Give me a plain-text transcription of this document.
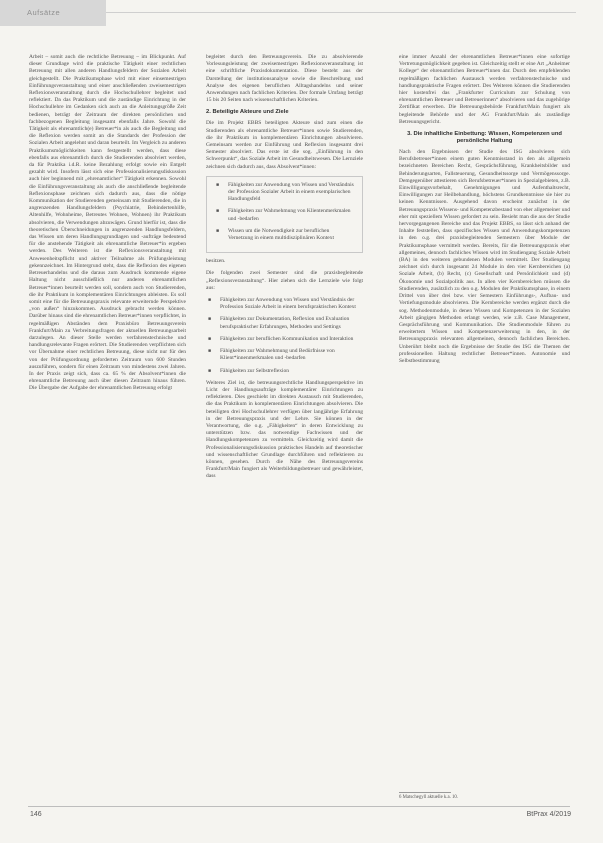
Aufsätze

Arbeit – somit auch die rechtliche Betreuung – im Blickpunkt. Auf dieser Grundlage wird die praktische Tätigkeit einer rechtlichen Betreuung mit allen anderen Handlungsfeldern der Sozialen Arbeit gleichgestellt. Die Praktikumsphase wird mit einer einsemestrigen Einführungsveranstaltung und einer anschließenden zweisemestrigen Reflexionsveranstaltung durch die Hochschullehrer begleitet und reflektiert. Da das Praktikum und die zuständige Einrichtung in der Hochschullehre im Gedanken sich auch an die Anleitungsgröße Zeit bedienen, beträgt der Zeitraum der direkten persönlichen und fachbezogenen Begleitung insgesamt ebenfalls Jahre. Sowohl die Tätigkeit als ehrenamtlich(e) Betreuer*in als auch die Begleitung und die Reflexion werden somit an die Standards der Profession der Sozialen Arbeit angelehnt und daran beurteilt. Im Vergleich zu anderen Praktikumsmöglichkeiten kann festgestellt werden, dass diese ebenfalls aus ehrenamtlich durch die Studierenden absolviert werden, da für Praktika i.d.R. keine Bezahlung erfolgt sowie ein Entgelt gezahlt wird. Insofern lässt sich eine Professionalisierungsdiskussion auch hier beginnend mit „ehrenamtlicher“ Tätigkeit erkennen. Sowohl die Einführungsveranstaltung als auch die anschließende begleitende Reflexionsphase zeichnen sich dadurch aus, dass die nötige Kommunikation der Studierenden gemeinsam mit Studierenden, die in angrenzenden Handlungsfeldern (Psychiatrie, Behindertenhilfe, Altenhilfe, Wohnheime, Betreutes Wohnen, Wohnen) ihr Praktikum absolvieren, die Verwendungen abzuwägen. Grund hierfür ist, dass die theoretischen Überschneidungen in angrenzenden Handlungsfeldern, das Wissen um deren Handlungsgrundlagen und -aufträge bedeutend für die anstehende Tätigkeit als ehrenamtliche Betreuer*in ergeben werden. Des Weiteren ist die Reflexionsveranstaltung mit Anwesenheitspflicht und aktiver Teilnahme als Prüfungsleistung gekennzeichnet. Im Hintergrund steht, dass die Reflexion des eigenen Betreuerhandelns und die daraus zum Ausdruck kommende eigene Haltung nicht ausschließlich nur anderen ehrenamtlichen Betreuer*innen beurteilt werden soll, sondern auch von Studierenden, die ihr Praktikum in komplementären Einrichtungen ableisten. Es soll somit eine für die Betreuungspraxis relevante erweiternde Perspektive „von außen“ hinzukommen. Ausdruck gebracht werden können. Darüber hinaus sind die ehrenamtlichen Betreuer*innen verpflichtet, in regelmäßigen Abständen dem Praxisbüro Betreuungsverein Frankfurt/Main zu Verbreitungsfragen der aktuellen Betreuungsarbeit darzulegen. An dieser Stelle werden verfahrenstechnische und handlungsrelevante Fragen erörtert. Die Studierenden verpflichten sich vor Übernahme einer rechtlichen Betreuung, diese nicht nur für den von der Prüfungsordnung geforderten Zeitraum von 600 Stunden auszuführen, sondern für einen Zeitraum von mindestens zwei Jahren. In der Praxis zeigt sich, dass ca. 65 % der Absolvent*innen die ehrenamtliche Betreuung auch über diesen Zeitraum hinaus führen. Die Übergabe der Aufgabe der ehrenamtlichen Betreuung erfolgt

begleitet durch den Betreuungsverein. Die zu absolvierende Vorlesungsleistung der zweisemestrigen Reflexionsveranstaltung ist eine schriftliche Praxisdokumentation. Diese besteht aus der Darstellung der institutionsanalyse sowie die Beschreibung und Analyse des eigenen beruflichen Alltagshandelns und seiner Anwendungen nach fachlichen Kriterien. Der formale Umfang beträgt 15 bis 20 Seiten nach wissenschaftlichen Kriterien.

2. Beteiligte Akteure und Ziele

Die im Projekt EBBS beteiligten Akteure sind zum einen die Studierenden als ehrenamtliche Betreuer*innen sowie Studierenden, die ihr Praktikum in komplementären Einrichtungen absolvieren. Gemeinsam werden zur Einführung und Reflexion insgesamt drei Semester absolviert. Das erste ist die sog. „Einführung in den Schwerpunkt“, das Soziale Arbeit im Gesundheitswesen. Die Lernziele zeichnen sich dadurch aus, dass Absolvent*innen:

■ Fähigkeiten zur Anwendung von Wissen und Verständnis der Profession Sozialer Arbeit in einem exemplarischen Handlungsfeld
■ Fähigkeiten zur Wahrnehmung von Klientenmerkmalen und -bedarfen
■ Wissen um die Notwendigkeit zur beruflichen Vernetzung in einem multidisziplinären Kontext

besitzen.

Die folgenden zwei Semester sind die praxisbegleitende „Reflexionsveranstaltung“. Hier ziehen sich die Lernziele wie folgt aus:

■ Fähigkeiten zur Anwendung von Wissen und Verständnis der Profession Soziale Arbeit in einem berufspraktischen Kontext
■ Fähigkeiten zur Dokumentation, Reflexion und Evaluation berufspraktischer Erfahrungen, Methoden und Settings
■ Fähigkeiten zur beruflichen Kommunikation und Interaktion
■ Fähigkeiten zur Wahrnehmung und Bedürfnisse von Klient*innenmerkmalen und -bedarfen
■ Fähigkeiten zur Selbstreflexion

Weiteres Ziel ist, die betreuungsrechtliche Handlungsperspektive im Licht der Handlungsaufträge komplementärer Einrichtungen zu reflektieren. Dies geschieht im direkten Austausch mit Studierenden, die das Praktikum in komplementären Einrichtungen absolvieren. Die beteiligten drei Hochschullehrer verfügen über langjährige Erfahrung in der Betreuungspraxis und der Lehre. Sie können in der Verantwortung, die o.g. „Fähigkeiten“ in deren Entwicklung zu unterstützen bzw. das notwendige Fachwissen und der Handlungskompetenzen zu vermitteln. Gleichzeitig wird damit die Professionalisierungsdiskussion praktisches Handeln auf theoretischer und wissenschaftlicher Grundlage durchführen und reflektieren zu können, gesehen. Durch die Nähe des Betreuungsvereins Frankfurt/Main fungiert als Weiterbildungsbetreuer und gewährleistet, dass

eine immer Anzahl der ehrenamtlichen Betreuer*innen eine sofortige Vertretungsmöglichkeit gegeben ist. Gleichzeitig stellt er eine Art „Anheimer Kollege“ der ehrenamtlichen Betreuer*innen dar. Durch den empfehlenden regelmäßigen fachlichen Austausch werden verfahrenstechnische und handlungspraktische Fragen erörtert. Des Weiteren können die Studierenden hier kostenfrei das „Frankfurter Curriculum zur Schulung von ehrenamtlichen Betreuer und Betreuerinnen“ absolvieren und das zugehörige Zertifikat erwerben. Die Betreuungsbehörde Frankfurt/Main fungiert als begleitende Behörde und der AG Frankfurt/Main als zuständige Betreuungsgericht.

3. Die inhaltliche Einbettung: Wissen, Kompetenzen und persönliche Haltung

Nach den Ergebnissen der Studie des ISG absolvieren sich Berufsbetreuer*innen einem guten Kenntnisstand in den als allgemein bezeichneten Bereichen Recht, Gesprächsführung, Krankheitsbilder und Behinderungsarten, Fallsteuerung, Gesundheitssorge und Vermögenssorge. Demgegenüber attestieren sich Berufsbetreuer*innen in Spezialgebieten, z.B. Einwilligungsvorbehalt, Genehmigungen und Aufenthaltsrecht, Einwilligungen zur Heilbehandlung, höchstens Grundkenntnisse sie hier zu keinen Kenntnissen. Ausgehend davon erscheint zunächst in der Betreuungspraxis Wissens- und Kompetenzbestand von eher allgemeiner und eher mit speziellem Wissen gefordert zu sein. Besieht man die aus der Studie hervorgegangenen Bereiche und das Projekt EBBS, so lässt sich anhand der Inhalte feststellen, dass spezifisches Wissen und Anwendungskompetenzen in den o.g. drei praxisbegleitenden Semestern über Module der Praktikumsphase vermittelt werden. Bereits, für die Betreuungspraxis eher allgemeines, dennoch fachliches Wissen wird im Studiengang Soziale Arbeit (BA) in den weiteren gebundenen Modulen vermittelt. Der Studiengang zeichnet sich durch insgesamt 24 Module in den vier Kernbereichen (a) Soziale Arbeit, (b) Recht, (c) Gesellschaft und Persönlichkeit und (d) Ökonomie und Sozialpolitik aus. In allen vier Kernbereichen müssen die Studierenden, zusätzlich zu den o.g. Modulen der Praktikumsphase, in einem Drittel von über drei bzw. vier Semestern Einführungs-, Aufbau- und Vertiefungsmodule absolvieren. Die Kernbereiche werden ergänzt durch die sog. Methodenmodule, in denen Wissen und Kompetenzen in der Sozialen Arbeit gängigen Methoden erlangt werden, wie z.B. Case Management, Gesprächsführung und Kommunikation. Die Studienmodule führen zu erweitertem Wissen und Kompetenzerweiterung in den, in der Betreuungspraxis relevanten allgemeinen, dennoch fachlichen Bereichen. Unberührt bleibt noch die Ergebnisse der Studie des ISG die Themen der professionellen Haltung rechtlicher Betreuer*innen. Autonomie und Selbstbestimmung

6 Matschegyll aktuelle k.a. 10.
146	BtPrax 4/2019
